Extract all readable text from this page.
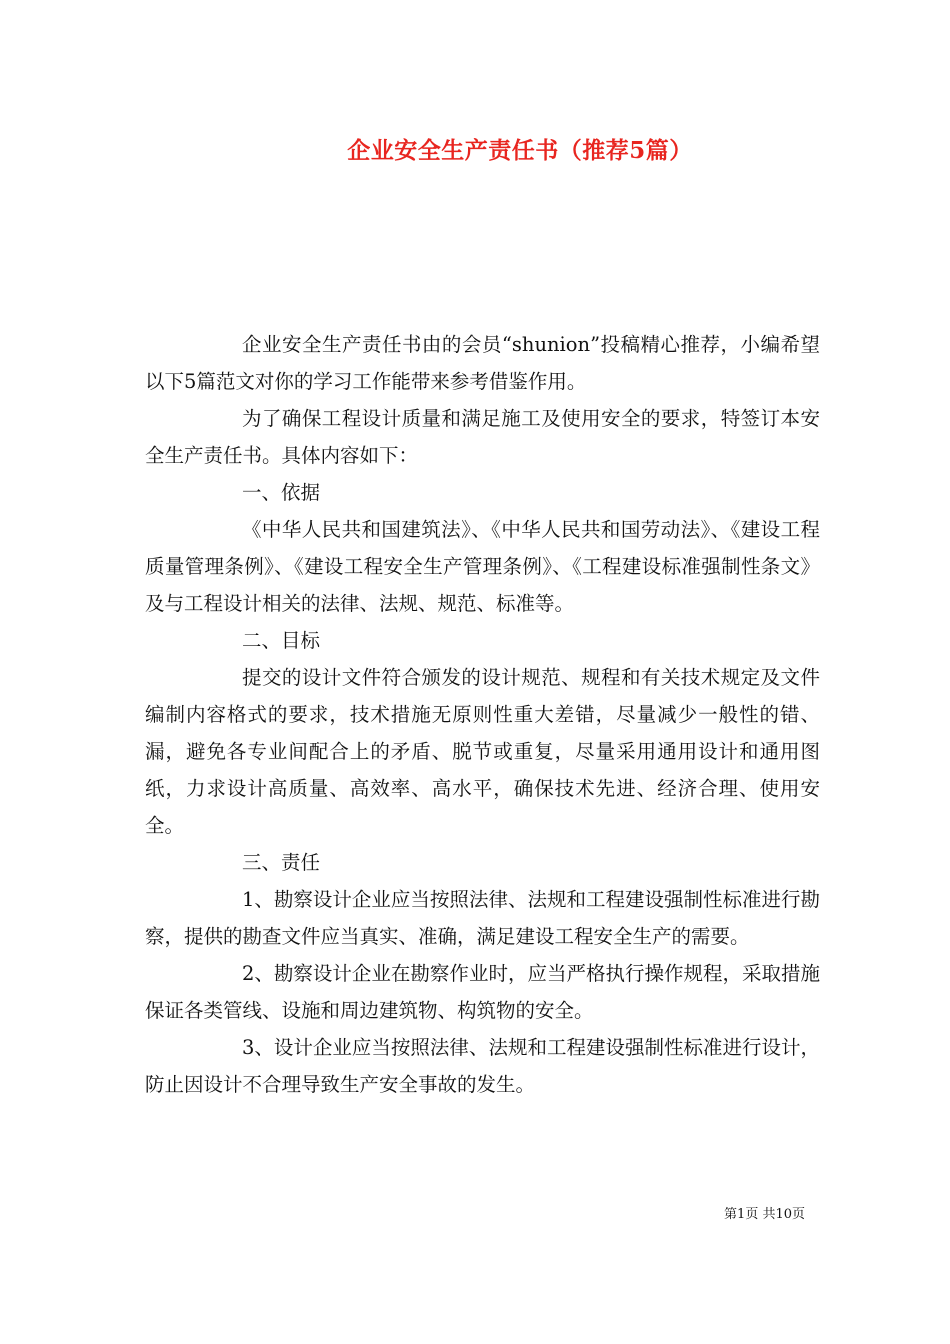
企业安全生产责任书（推荐5篇）

企业安全生产责任书由的会员“shunion”投稿精心推荐，小编希望以下5篇范文对你的学习工作能带来参考借鉴作用。

为了确保工程设计质量和满足施工及使用安全的要求，特签订本安全生产责任书。具体内容如下：

一、依据

《中华人民共和国建筑法》、《中华人民共和国劳动法》、《建设工程质量管理条例》、《建设工程安全生产管理条例》、《工程建设标准强制性条文》及与工程设计相关的法律、法规、规范、标准等。

二、目标

提交的设计文件符合颁发的设计规范、规程和有关技术规定及文件编制内容格式的要求，技术措施无原则性重大差错，尽量减少一般性的错、漏，避免各专业间配合上的矛盾、脱节或重复，尽量采用通用设计和通用图纸，力求设计高质量、高效率、高水平，确保技术先进、经济合理、使用安全。

三、责任

1、勘察设计企业应当按照法律、法规和工程建设强制性标准进行勘察，提供的勘查文件应当真实、准确，满足建设工程安全生产的需要。

2、勘察设计企业在勘察作业时，应当严格执行操作规程，采取措施保证各类管线、设施和周边建筑物、构筑物的安全。

3、设计企业应当按照法律、法规和工程建设强制性标准进行设计，防止因设计不合理导致生产安全事故的发生。

第1页 共10页
